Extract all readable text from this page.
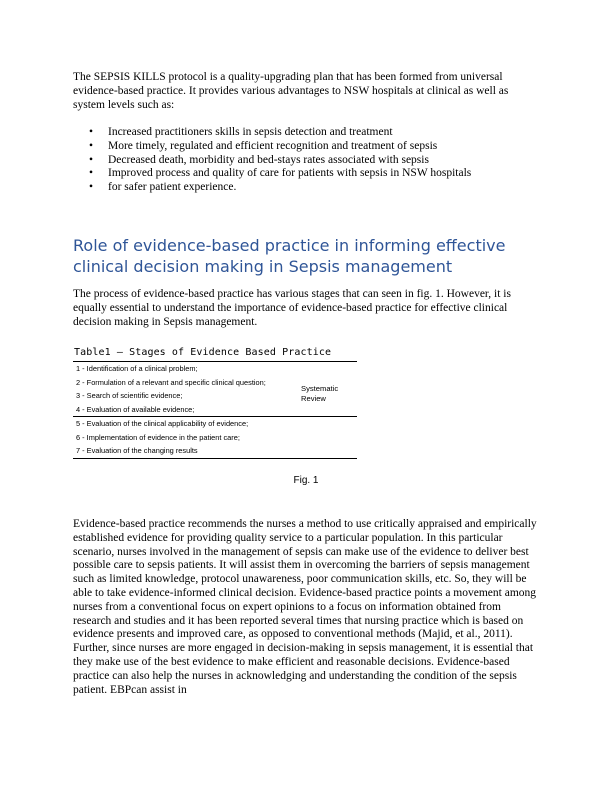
The SEPSIS KILLS protocol is a quality-upgrading plan that has been formed from universal evidence-based practice. It provides various advantages to NSW hospitals at clinical as well as system levels such as:

• Increased practitioners skills in sepsis detection and treatment
• More timely, regulated and efficient recognition and treatment of sepsis
• Decreased death, morbidity and bed-stays rates associated with sepsis
• Improved process and quality of care for patients with sepsis in NSW hospitals
• for safer patient experience.
Role of evidence-based practice in informing effective clinical decision making in Sepsis management

The process of evidence-based practice has various stages that can seen in fig. 1. However, it is equally essential to understand the importance of evidence-based practice for effective clinical decision making in Sepsis management.

Table1 – Stages of Evidence Based Practice
1 - Identification of a clinical problem;
2 - Formulation of a relevant and specific clinical question;
3 - Search of scientific evidence;
4 - Evaluation of available evidence;
5 - Evaluation of the clinical applicability of evidence;
6 - Implementation of evidence in the patient care;
7 - Evaluation of the changing results
Systematic
Review
Fig. 1

Evidence-based practice recommends the nurses a method to use critically appraised and empirically established evidence for providing quality service to a particular population. In this particular scenario, nurses involved in the management of sepsis can make use of the evidence to deliver best possible care to sepsis patients. It will assist them in overcoming the barriers of sepsis management such as limited knowledge, protocol unawareness, poor communication skills, etc. So, they will be able to take evidence-informed clinical decision. Evidence-based practice points a movement among nurses from a conventional focus on expert opinions to a focus on information obtained from research and studies and it has been reported several times that nursing practice which is based on evidence presents and improved care, as opposed to conventional methods (Majid, et al., 2011). Further, since nurses are more engaged in decision-making in sepsis management, it is essential that they make use of the best evidence to make efficient and reasonable decisions. Evidence-based practice can also help the nurses in acknowledging and understanding the condition of the sepsis patient. EBPcan assist in
